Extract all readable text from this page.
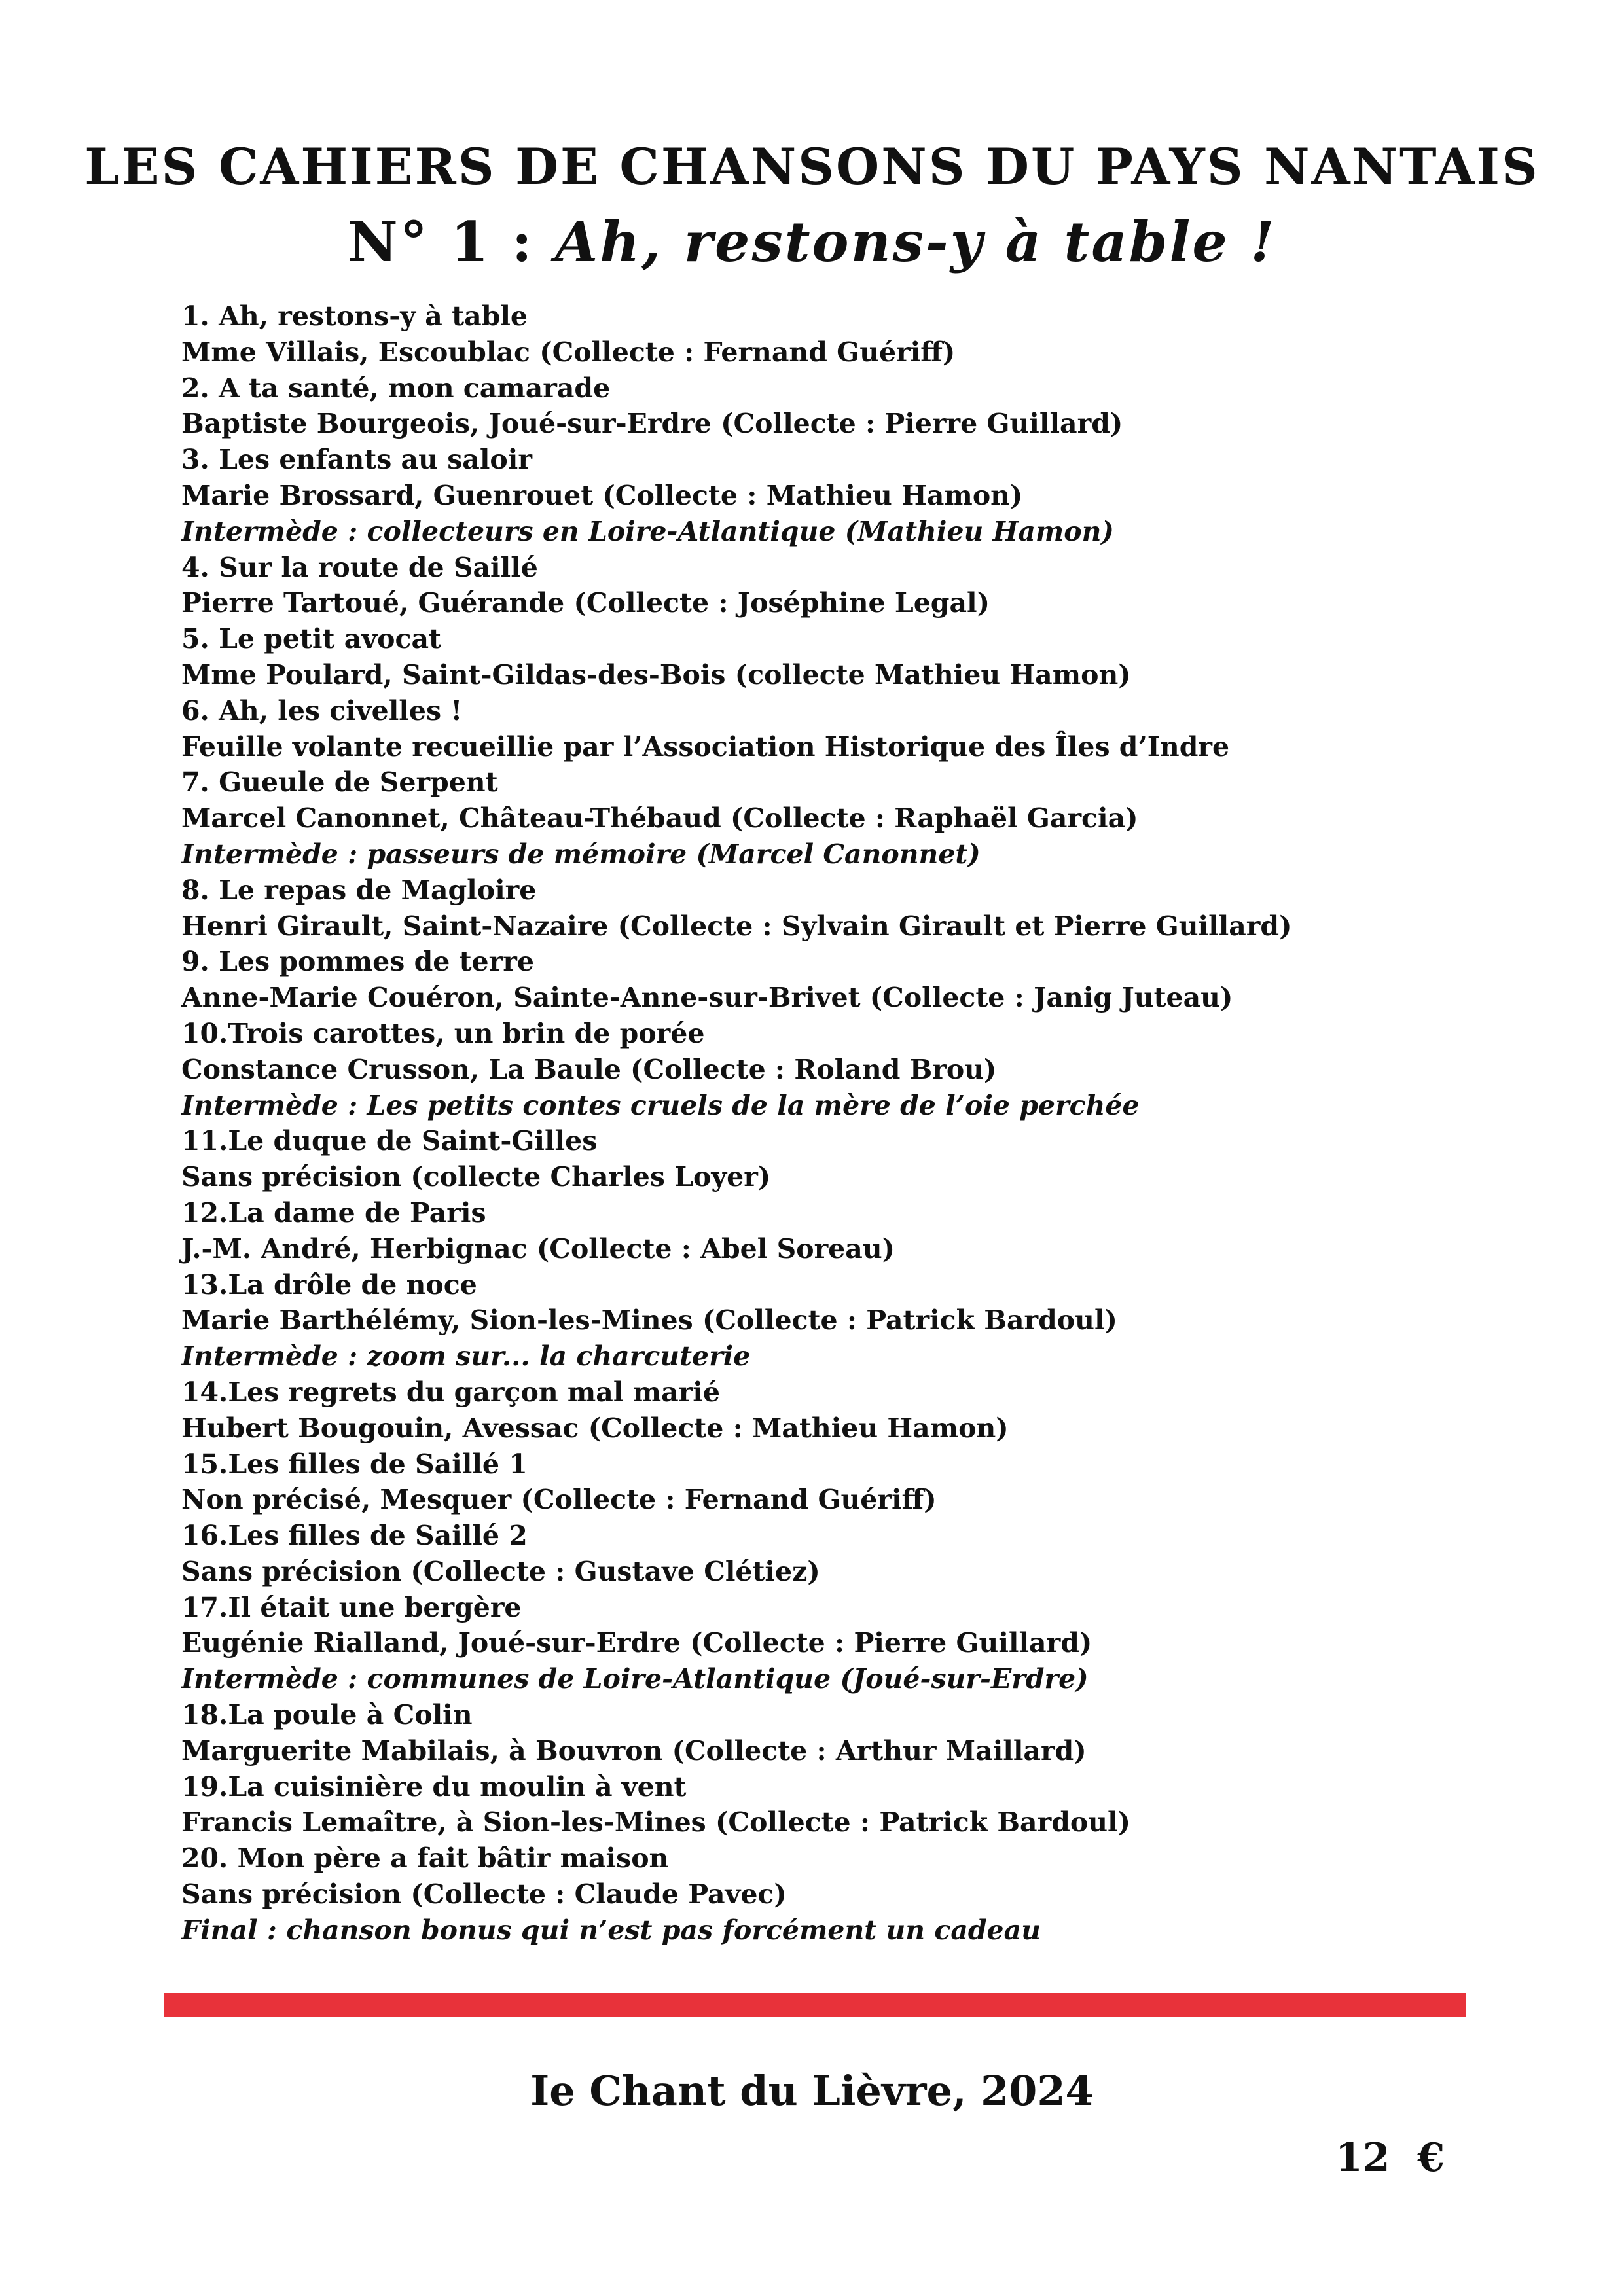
LES CAHIERS DE CHANSONS DU PAYS NANTAIS
N° 1 : Ah, restons-y à table !
1. Ah, restons-y à table
Mme Villais, Escoublac (Collecte : Fernand Guériff)
2. A ta santé, mon camarade
Baptiste Bourgeois, Joué-sur-Erdre (Collecte : Pierre Guillard)
3. Les enfants au saloir
Marie Brossard, Guenrouet (Collecte : Mathieu Hamon)
Intermède : collecteurs en Loire-Atlantique (Mathieu Hamon)
4. Sur la route de Saillé
Pierre Tartoué, Guérande (Collecte : Joséphine Legal)
5. Le petit avocat
Mme Poulard, Saint-Gildas-des-Bois (collecte Mathieu Hamon)
6. Ah, les civelles !
Feuille volante recueillie par l’Association Historique des Îles d’Indre
7. Gueule de Serpent
Marcel Canonnet, Château-Thébaud (Collecte : Raphaël Garcia)
Intermède : passeurs de mémoire (Marcel Canonnet)
8. Le repas de Magloire
Henri Girault, Saint-Nazaire (Collecte : Sylvain Girault et Pierre Guillard)
9. Les pommes de terre
Anne-Marie Couéron, Sainte-Anne-sur-Brivet (Collecte : Janig Juteau)
10.Trois carottes, un brin de porée
Constance Crusson, La Baule (Collecte : Roland Brou)
Intermède : Les petits contes cruels de la mère de l’oie perchée
11.Le duque de Saint-Gilles
Sans précision (collecte Charles Loyer)
12.La dame de Paris
J.-M. André, Herbignac (Collecte : Abel Soreau)
13.La drôle de noce
Marie Barthélémy, Sion-les-Mines (Collecte : Patrick Bardoul)
Intermède : zoom sur... la charcuterie
14.Les regrets du garçon mal marié
Hubert Bougouin, Avessac (Collecte : Mathieu Hamon)
15.Les filles de Saillé 1
Non précisé, Mesquer (Collecte : Fernand Guériff)
16.Les filles de Saillé 2
Sans précision (Collecte : Gustave Clétiez)
17.Il était une bergère
Eugénie Rialland, Joué-sur-Erdre (Collecte : Pierre Guillard)
Intermède : communes de Loire-Atlantique (Joué-sur-Erdre)
18.La poule à Colin
Marguerite Mabilais, à Bouvron (Collecte : Arthur Maillard)
19.La cuisinière du moulin à vent
Francis Lemaître, à Sion-les-Mines (Collecte : Patrick Bardoul)
20. Mon père a fait bâtir maison
Sans précision (Collecte : Claude Pavec)
Final : chanson bonus qui n’est pas forcément un cadeau
Ie Chant du Lièvre, 2024
12  €
